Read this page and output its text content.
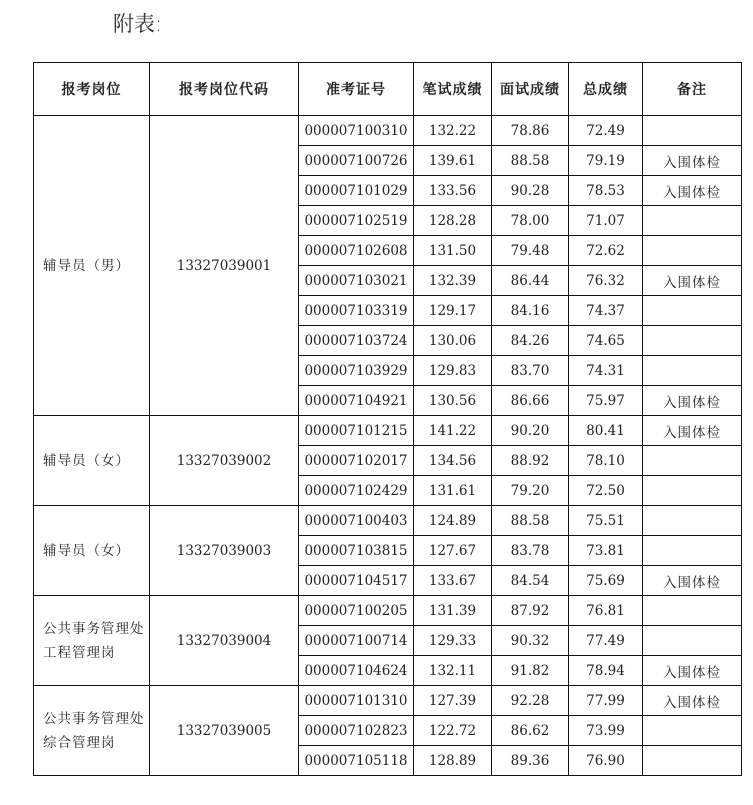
附表:
报考岗位	报考岗位代码	准考证号	笔试成绩	面试成绩	总成绩	备注
辅导员（男）	13327039001	000007100310	132.22	78.86	72.49	
		000007100726	139.61	88.58	79.19	入围体检
		000007101029	133.56	90.28	78.53	入围体检
		000007102519	128.28	78.00	71.07	
		000007102608	131.50	79.48	72.62	
		000007103021	132.39	86.44	76.32	入围体检
		000007103319	129.17	84.16	74.37	
		000007103724	130.06	84.26	74.65	
		000007103929	129.83	83.70	74.31	
		000007104921	130.56	86.66	75.97	入围体检
辅导员（女）	13327039002	000007101215	141.22	90.20	80.41	入围体检
		000007102017	134.56	88.92	78.10	
		000007102429	131.61	79.20	72.50	
辅导员（女）	13327039003	000007100403	124.89	88.58	75.51	
		000007103815	127.67	83.78	73.81	
		000007104517	133.67	84.54	75.69	入围体检
公共事务管理处工程管理岗	13327039004	000007100205	131.39	87.92	76.81	
		000007100714	129.33	90.32	77.49	
		000007104624	132.11	91.82	78.94	入围体检
公共事务管理处综合管理岗	13327039005	000007101310	127.39	92.28	77.99	入围体检
		000007102823	122.72	86.62	73.99	
		000007105118	128.89	89.36	76.90	
